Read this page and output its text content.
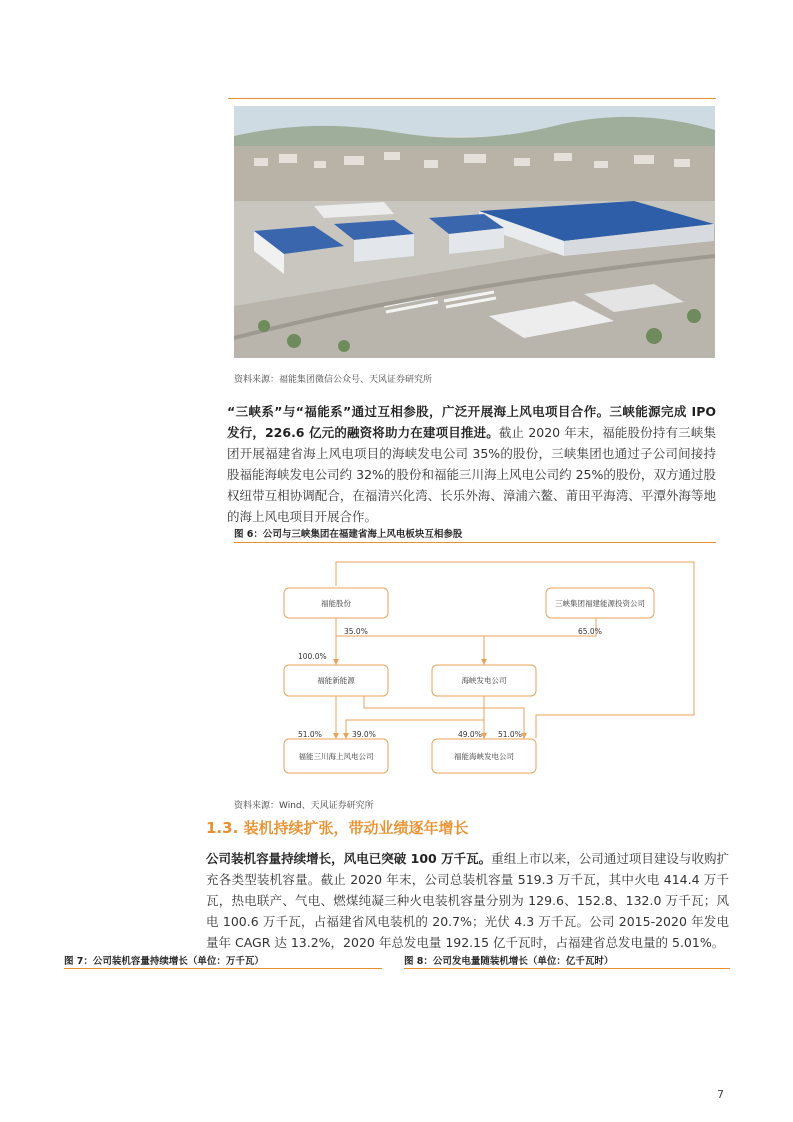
资料来源：福能集团微信公众号、天风证券研究所
“三峡系”与“福能系”通过互相参股，广泛开展海上风电项目合作。三峡能源完成 IPO 发行，226.6 亿元的融资将助力在建项目推进。截止 2020 年末，福能股份持有三峡集团开展福建省海上风电项目的海峡发电公司 35%的股份，三峡集团也通过子公司间接持股福能海峡发电公司约 32%的股份和福能三川海上风电公司约 25%的股份，双方通过股权纽带互相协调配合，在福清兴化湾、长乐外海、漳浦六鳌、莆田平海湾、平潭外海等地的海上风电项目开展合作。
图 6：公司与三峡集团在福建省海上风电板块互相参股
福能股份	三峡集团福建能源投资公司
福能新能源	海峡发电公司
福能三川海上风电公司	福能海峡发电公司
35.0%	65.0%
100.0%
51.0%	39.0%	49.0% 51.0%
资料来源：Wind、天风证券研究所
1.3. 装机持续扩张，带动业绩逐年增长
公司装机容量持续增长，风电已突破 100 万千瓦。重组上市以来，公司通过项目建设与收购扩充各类型装机容量。截止 2020 年末，公司总装机容量 519.3 万千瓦，其中火电 414.4 万千瓦，热电联产、气电、燃煤纯凝三种火电装机容量分别为 129.6、152.8、132.0 万千瓦；风电 100.6 万千瓦，占福建省风电装机的 20.7%；光伏 4.3 万千瓦。公司 2015-2020 年发电量年 CAGR 达 13.2%，2020 年总发电量 192.15 亿千瓦时，占福建省总发电量的 5.01%。
图 7：公司装机容量持续增长（单位：万千瓦）	图 8：公司发电量随装机增长（单位：亿千瓦时）
7
